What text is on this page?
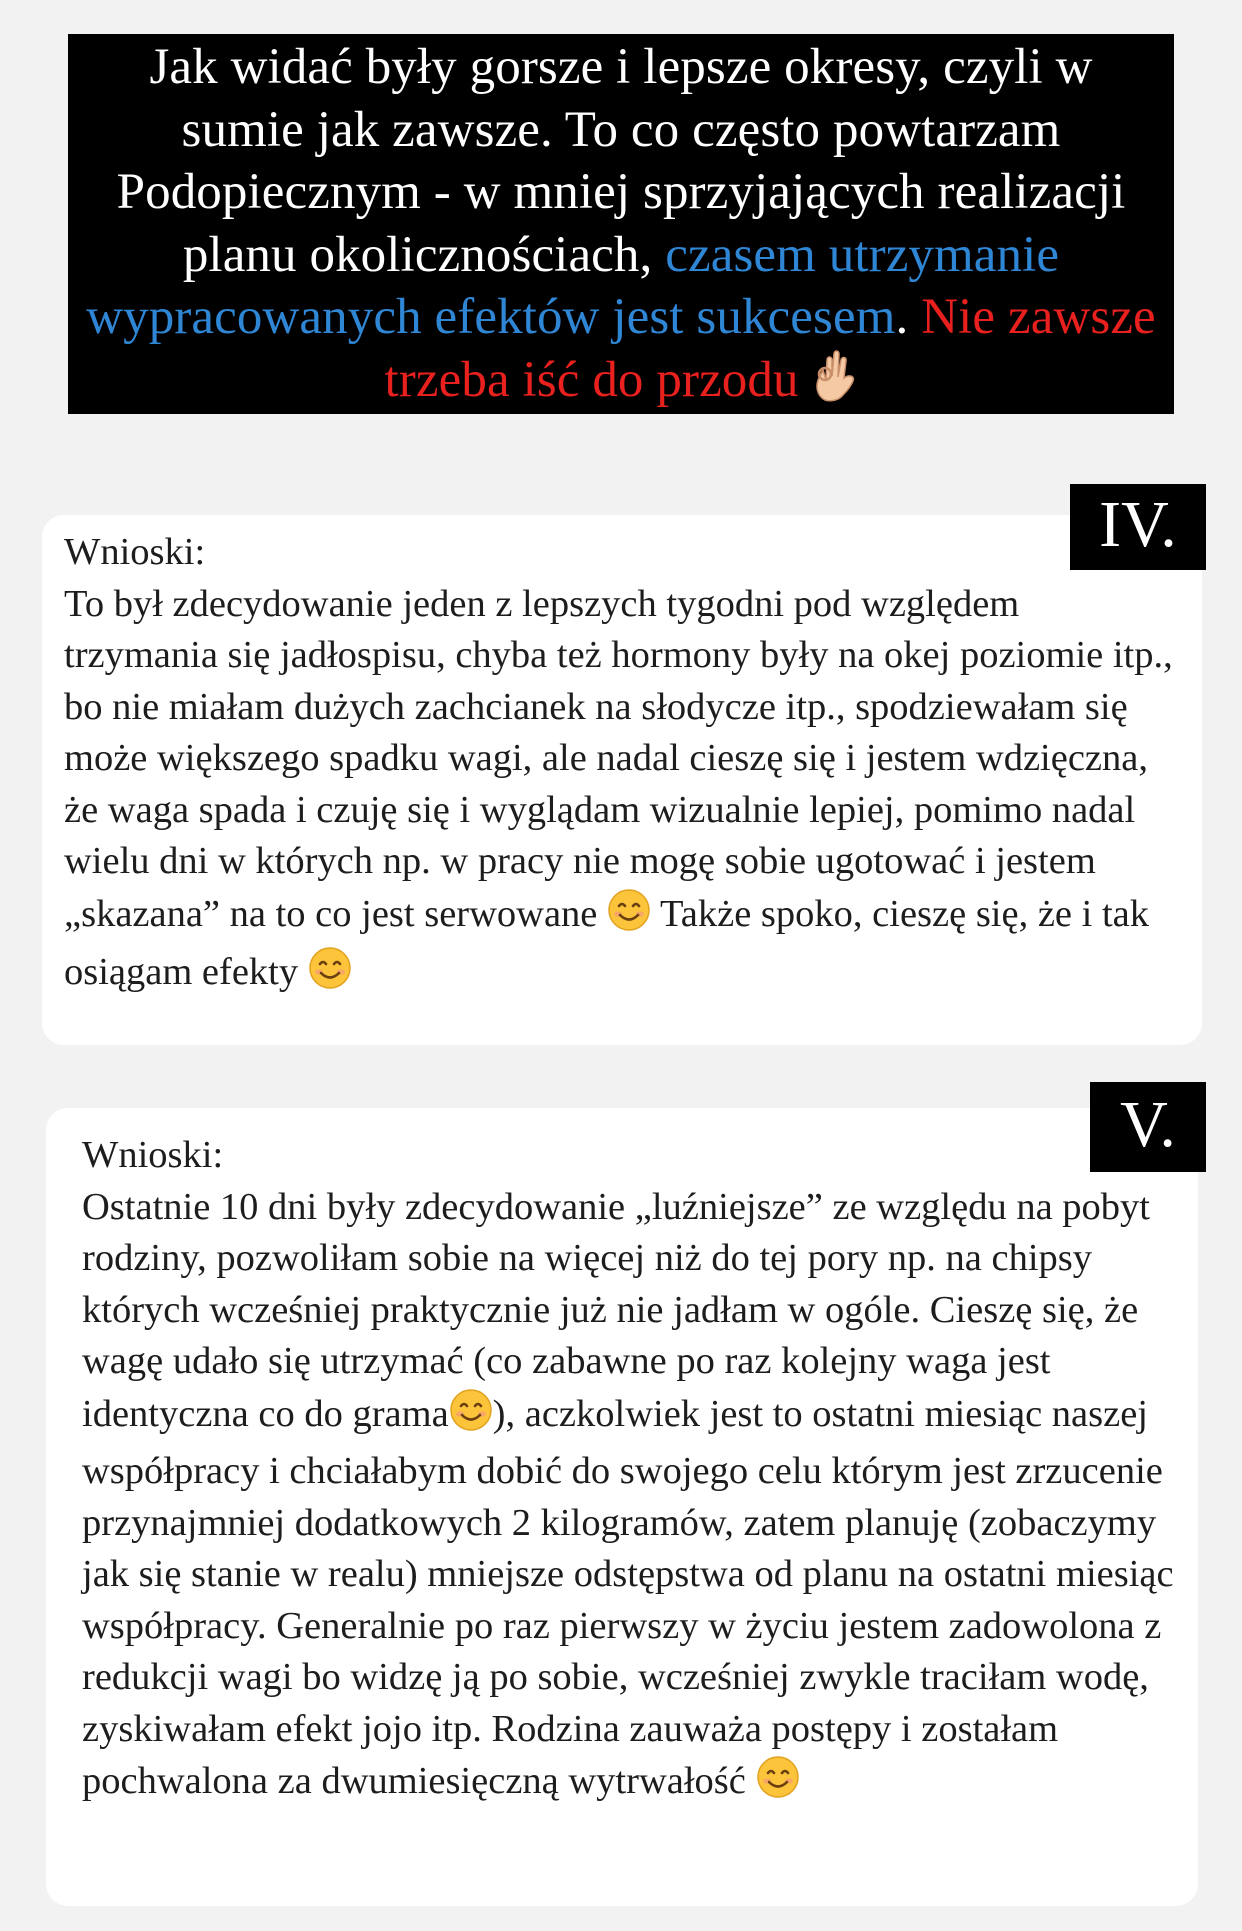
Jak widać były gorsze i lepsze okresy, czyli w sumie jak zawsze. To co często powtarzam Podopiecznym - w mniej sprzyjających realizacji planu okolicznościach, czasem utrzymanie wypracowanych efektów jest sukcesem. Nie zawsze trzeba iść do przodu

Wnioski:

To był zdecydowanie jeden z lepszych tygodni pod względem trzymania się jadłospisu, chyba też hormony były na okej poziomie itp., bo nie miałam dużych zachcianek na słodycze itp., spodziewałam się może większego spadku wagi, ale nadal cieszę się i jestem wdzięczna, że waga spada i czuję się i wyglądam wizualnie lepiej, pomimo nadal wielu dni w których np. w pracy nie mogę sobie ugotować i jestem „skazana” na to co jest serwowane  Także spoko, cieszę się, że i tak osiągam efekty

IV.

Wnioski:

Ostatnie 10 dni były zdecydowanie „luźniejsze” ze względu na pobyt rodziny, pozwoliłam sobie na więcej niż do tej pory np. na chipsy których wcześniej praktycznie już nie jadłam w ogóle. Cieszę się, że wagę udało się utrzymać (co zabawne po raz kolejny waga jest identyczna co do grama ), aczkolwiek jest to ostatni miesiąc naszej współpracy i chciałabym dobić do swojego celu którym jest zrzucenie przynajmniej dodatkowych 2 kilogramów, zatem planuję (zobaczymy jak się stanie w realu) mniejsze odstępstwa od planu na ostatni miesiąc współpracy. Generalnie po raz pierwszy w życiu jestem zadowolona z redukcji wagi bo widzę ją po sobie, wcześniej zwykle traciłam wodę, zyskiwałam efekt jojo itp. Rodzina zauważa postępy i zostałam pochwalona za dwumiesięczną wytrwałość

V.
